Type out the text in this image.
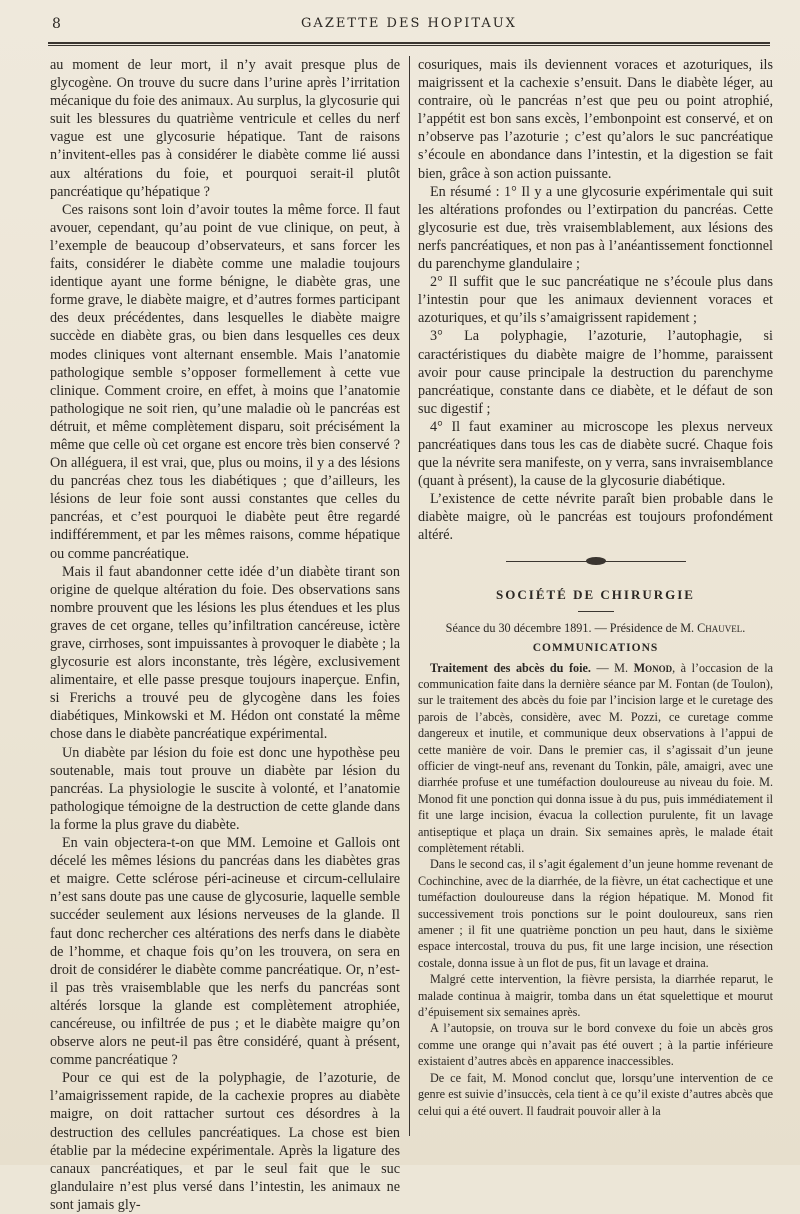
8	GAZETTE DES HOPITAUX

au moment de leur mort, il n’y avait presque plus de glycogène. On trouve du sucre dans l’urine après l’irritation mécanique du foie des animaux. Au surplus, la glycosurie qui suit les blessures du quatrième ventricule et celles du nerf vague est une glycosurie hépatique. Tant de raisons n’invitent-elles pas à considérer le diabète comme lié aussi aux altérations du foie, et pourquoi serait-il plutôt pancréatique qu’hépatique ?

Ces raisons sont loin d’avoir toutes la même force. Il faut avouer, cependant, qu’au point de vue clinique, on peut, à l’exemple de beaucoup d’observateurs, et sans forcer les faits, considérer le diabète comme une maladie toujours identique ayant une forme bénigne, le diabète gras, une forme grave, le diabète maigre, et d’autres formes participant des deux précédentes, dans lesquelles le diabète maigre succède en diabète gras, ou bien dans lesquelles ces deux modes cliniques vont alternant ensemble. Mais l’anatomie pathologique semble s’opposer formellement à cette vue clinique. Comment croire, en effet, à moins que l’anatomie pathologique ne soit rien, qu’une maladie où le pancréas est détruit, et même complètement disparu, soit précisément la même que celle où cet organe est encore très bien conservé ? On alléguera, il est vrai, que, plus ou moins, il y a des lésions du pancréas chez tous les diabétiques ; que d’ailleurs, les lésions de leur foie sont aussi constantes que celles du pancréas, et c’est pourquoi le diabète peut être regardé indifféremment, et par les mêmes raisons, comme hépatique ou comme pancréatique.

Mais il faut abandonner cette idée d’un diabète tirant son origine de quelque altération du foie. Des observations sans nombre prouvent que les lésions les plus étendues et les plus graves de cet organe, telles qu’infiltration cancéreuse, ictère grave, cirrhoses, sont impuissantes à provoquer le diabète ; la glycosurie est alors inconstante, très légère, exclusivement alimentaire, et elle passe presque toujours inaperçue. Enfin, si Frerichs a trouvé peu de glycogène dans les foies diabétiques, Minkowski et M. Hédon ont constaté la même chose dans le diabète pancréatique expérimental.

Un diabète par lésion du foie est donc une hypothèse peu soutenable, mais tout prouve un diabète par lésion du pancréas. La physiologie le suscite à volonté, et l’anatomie pathologique témoigne de la destruction de cette glande dans la forme la plus grave du diabète.

En vain objectera-t-on que MM. Lemoine et Gallois ont décelé les mêmes lésions du pancréas dans les diabètes gras et maigre. Cette sclérose péri-acineuse et circum-cellulaire n’est sans doute pas une cause de glycosurie, laquelle semble succéder seulement aux lésions nerveuses de la glande. Il faut donc rechercher ces altérations des nerfs dans le diabète de l’homme, et chaque fois qu’on les trouvera, on sera en droit de considérer le diabète comme pancréatique. Or, n’est-il pas très vraisemblable que les nerfs du pancréas sont altérés lorsque la glande est complètement atrophiée, cancéreuse, ou infiltrée de pus ; et le diabète maigre qu’on observe alors ne peut-il pas être considéré, quant à présent, comme pancréatique ?

Pour ce qui est de la polyphagie, de l’azoturie, de l’amaigrissement rapide, de la cachexie propres au diabète maigre, on doit rattacher surtout ces désordres à la destruction des cellules pancréatiques. La chose est bien établie par la médecine expérimentale. Après la ligature des canaux pancréatiques, et par le seul fait que le suc glandulaire n’est plus versé dans l’intestin, les animaux ne sont jamais gly-

cosuriques, mais ils deviennent voraces et azoturiques, ils maigrissent et la cachexie s’ensuit. Dans le diabète léger, au contraire, où le pancréas n’est que peu ou point atrophié, l’appétit est bon sans excès, l’embonpoint est conservé, et on n’observe pas l’azoturie ; c’est qu’alors le suc pancréatique s’écoule en abondance dans l’intestin, et la digestion se fait bien, grâce à son action puissante.

En résumé : 1° Il y a une glycosurie expérimentale qui suit les altérations profondes ou l’extirpation du pancréas. Cette glycosurie est due, très vraisemblablement, aux lésions des nerfs pancréatiques, et non pas à l’anéantissement fonctionnel du parenchyme glandulaire ;

2° Il suffit que le suc pancréatique ne s’écoule plus dans l’intestin pour que les animaux deviennent voraces et azoturiques, et qu’ils s’amaigrissent rapidement ;

3° La polyphagie, l’azoturie, l’autophagie, si caractéristiques du diabète maigre de l’homme, paraissent avoir pour cause principale la destruction du parenchyme pancréatique, constante dans ce diabète, et le défaut de son suc digestif ;

4° Il faut examiner au microscope les plexus nerveux pancréatiques dans tous les cas de diabète sucré. Chaque fois que la névrite sera manifeste, on y verra, sans invraisemblance (quant à présent), la cause de la glycosurie diabétique.

L’existence de cette névrite paraît bien probable dans le diabète maigre, où le pancréas est toujours profondément altéré.

SOCIÉTÉ DE CHIRURGIE
Séance du 30 décembre 1891. — Présidence de M. Chauvel.
COMMUNICATIONS

Traitement des abcès du foie. — M. Monod, à l’occasion de la communication faite dans la dernière séance par M. Fontan (de Toulon), sur le traitement des abcès du foie par l’incision large et le curetage des parois de l’abcès, considère, avec M. Pozzi, ce curetage comme dangereux et inutile, et communique deux observations à l’appui de cette manière de voir. Dans le premier cas, il s’agissait d’un jeune officier de vingt-neuf ans, revenant du Tonkin, pâle, amaigri, avec une diarrhée profuse et une tuméfaction douloureuse au niveau du foie. M. Monod fit une ponction qui donna issue à du pus, puis immédiatement il fit une large incision, évacua la collection purulente, fit un lavage antiseptique et plaça un drain. Six semaines après, le malade était complètement rétabli.

Dans le second cas, il s’agit également d’un jeune homme revenant de Cochinchine, avec de la diarrhée, de la fièvre, un état cachectique et une tuméfaction douloureuse dans la région hépatique. M. Monod fit successivement trois ponctions sur le point douloureux, sans rien amener ; il fit une quatrième ponction un peu haut, dans le sixième espace intercostal, trouva du pus, fit une large incision, une résection costale, donna issue à un flot de pus, fit un lavage et draina.

Malgré cette intervention, la fièvre persista, la diarrhée reparut, le malade continua à maigrir, tomba dans un état squelettique et mourut d’épuisement six semaines après.

A l’autopsie, on trouva sur le bord convexe du foie un abcès gros comme une orange qui n’avait pas été ouvert ; à la partie inférieure existaient d’autres abcès en apparence inaccessibles.

De ce fait, M. Monod conclut que, lorsqu’une intervention de ce genre est suivie d’insuccès, cela tient à ce qu’il existe d’autres abcès que celui qui a été ouvert. Il faudrait pouvoir aller à la
